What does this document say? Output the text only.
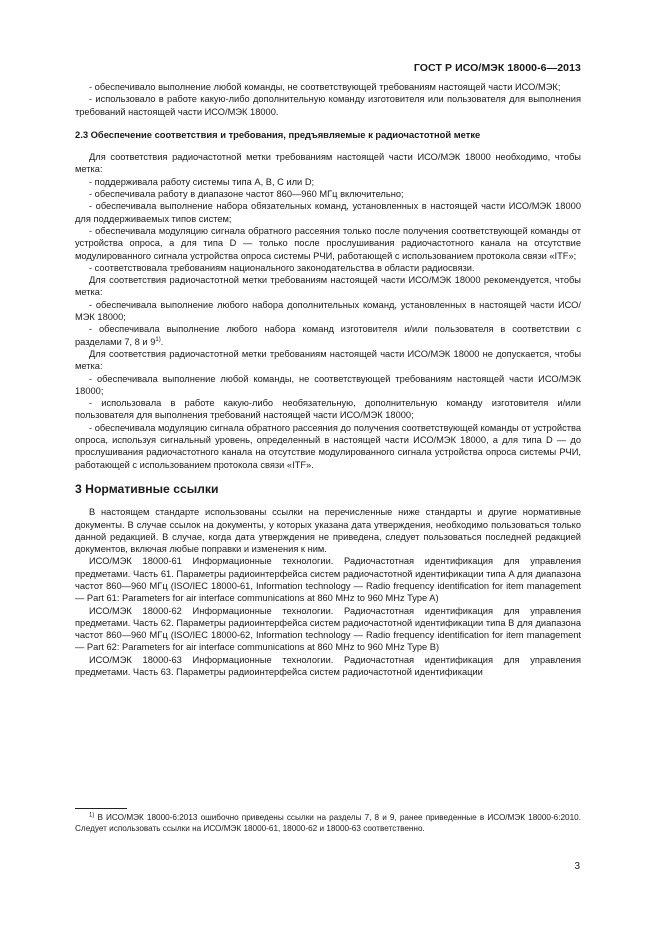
ГОСТ Р ИСО/МЭК 18000-6—2013

- обеспечивало выполнение любой команды, не соответствующей требованиям настоящей части ИСО/МЭК;

- использовало в работе какую-либо дополнительную команду изготовителя или пользователя для выполнения требований настоящей части ИСО/МЭК 18000.

2.3 Обеспечение соответствия и требования, предъявляемые к радиочастотной метке

Для соответствия радиочастотной метки требованиям настоящей части ИСО/МЭК 18000 необходимо, чтобы метка:

- поддерживала работу системы типа A, B, C или D;

- обеспечивала работу в диапазоне частот 860—960 МГц включительно;

- обеспечивала выполнение набора обязательных команд, установленных в настоящей части ИСО/МЭК 18000 для поддерживаемых типов систем;

- обеспечивала модуляцию сигнала обратного рассеяния только после получения соответствующей команды от устройства опроса, а для типа D — только после прослушивания радиочастотного канала на отсутствие модулированного сигнала устройства опроса системы РЧИ, работающей с использованием протокола связи «ITF»;

- соответствовала требованиям национального законодательства в области радиосвязи.

Для соответствия радиочастотной метки требованиям настоящей части ИСО/МЭК 18000 рекомендуется, чтобы метка:

- обеспечивала выполнение любого набора дополнительных команд, установленных в настоящей части ИСО/МЭК 18000;

- обеспечивала выполнение любого набора команд изготовителя и/или пользователя в соответствии с разделами 7, 8 и 9$^{1)}$.

Для соответствия радиочастотной метки требованиям настоящей части ИСО/МЭК 18000 не допускается, чтобы метка:

- обеспечивала выполнение любой команды, не соответствующей требованиям настоящей части ИСО/МЭК 18000;

- использовала в работе какую-либо необязательную, дополнительную команду изготовителя и/или пользователя для выполнения требований настоящей части ИСО/МЭК 18000;

- обеспечивала модуляцию сигнала обратного рассеяния до получения соответствующей команды от устройства опроса, используя сигнальный уровень, определенный в настоящей части ИСО/МЭК 18000, а для типа D — до прослушивания радиочастотного канала на отсутствие модулированного сигнала устройства опроса системы РЧИ, работающей с использованием протокола связи «ITF».

3 Нормативные ссылки

В настоящем стандарте использованы ссылки на перечисленные ниже стандарты и другие нормативные документы. В случае ссылок на документы, у которых указана дата утверждения, необходимо пользоваться только данной редакцией. В случае, когда дата утверждения не приведена, следует пользоваться последней редакцией документов, включая любые поправки и изменения к ним.

ИСО/МЭК 18000-61 Информационные технологии. Радиочастотная идентификация для управления предметами. Часть 61. Параметры радиоинтерфейса систем радиочастотной идентификации типа A для диапазона частот 860—960 МГц (ISO/IEC 18000-61, Information technology — Radio frequency identification for item management — Part 61: Parameters for air interface communications at 860 MHz to 960 MHz Type A)

ИСО/МЭК 18000-62 Информационные технологии. Радиочастотная идентификация для управления предметами. Часть 62. Параметры радиоинтерфейса систем радиочастотной идентификации типа B для диапазона частот 860—960 МГц (ISO/IEC 18000-62, Information technology — Radio frequency identification for item management — Part 62: Parameters for air interface communications at 860 MHz to 960 MHz Type B)

ИСО/МЭК 18000-63 Информационные технологии. Радиочастотная идентификация для управления предметами. Часть 63. Параметры радиоинтерфейса систем радиочастотной идентификации

$^{1)}$ В ИСО/МЭК 18000-6:2013 ошибочно приведены ссылки на разделы 7, 8 и 9, ранее приведенные в ИСО/МЭК 18000-6:2010. Следует использовать ссылки на ИСО/МЭК 18000-61, 18000-62 и 18000-63 соответственно.

3
